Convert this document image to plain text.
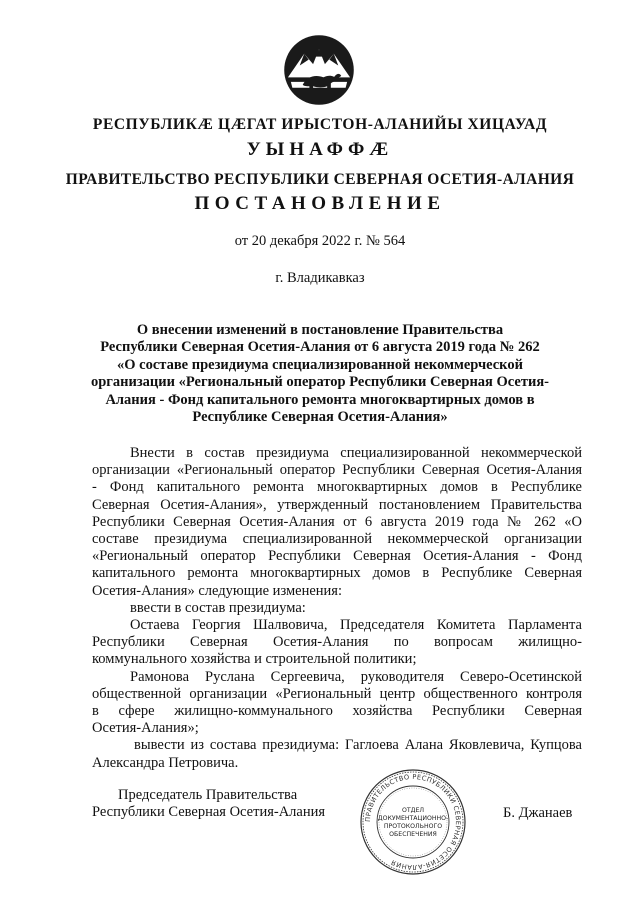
РЕСПУБЛИКÆ ЦÆГАТ ИРЫСТОН-АЛАНИЙЫ ХИЦАУАД
УЫНАФФÆ
ПРАВИТЕЛЬСТВО РЕСПУБЛИКИ СЕВЕРНАЯ ОСЕТИЯ-АЛАНИЯ
ПОСТАНОВЛЕНИЕ
от 20 декабря 2022 г. № 564
г. Владикавказ
О внесении изменений в постановление Правительства
Республики Северная Осетия-Алания от 6 августа 2019 года № 262
«О составе президиума специализированной некоммерческой
организации «Региональный оператор Республики Северная Осетия-
Алания - Фонд капитального ремонта многоквартирных домов в
Республике Северная Осетия-Алания»
Внести в состав президиума специализированной некоммерческой
организации «Региональный оператор Республики Северная Осетия-Алания
- Фонд капитального ремонта многоквартирных домов в Республике
Северная Осетия-Алания», утвержденный постановлением Правительства
Республики Северная Осетия-Алания от 6 августа 2019 года № 262 «О
составе президиума специализированной некоммерческой организации
«Региональный оператор Республики Северная Осетия-Алания - Фонд
капитального ремонта многоквартирных домов в Республике Северная
Осетия-Алания» следующие изменения:
ввести в состав президиума:
Остаева Георгия Шалвовича, Председателя Комитета Парламента
Республики Северная Осетия-Алания по вопросам жилищно-
коммунального хозяйства и строительной политики;
Рамонова Руслана Сергеевича, руководителя Северо-Осетинской
общественной организации «Региональный центр общественного контроля
в сфере жилищно-коммунального хозяйства Республики Северная
Осетия-Алания»;
вывести из состава президиума: Гаглоева Алана Яковлевича, Купцова
Александра Петровича.
Председатель Правительства
Республики Северная Осетия-Алания	Б. Джанаев
ПРАВИТЕЛЬСТВО РЕСПУБЛИКИ СЕВЕРНАЯ ОСЕТИЯ-АЛАНИЯ
ОТДЕЛ
ДОКУМЕНТАЦИОННО-
ПРОТОКОЛЬНОГО
ОБЕСПЕЧЕНИЯ
